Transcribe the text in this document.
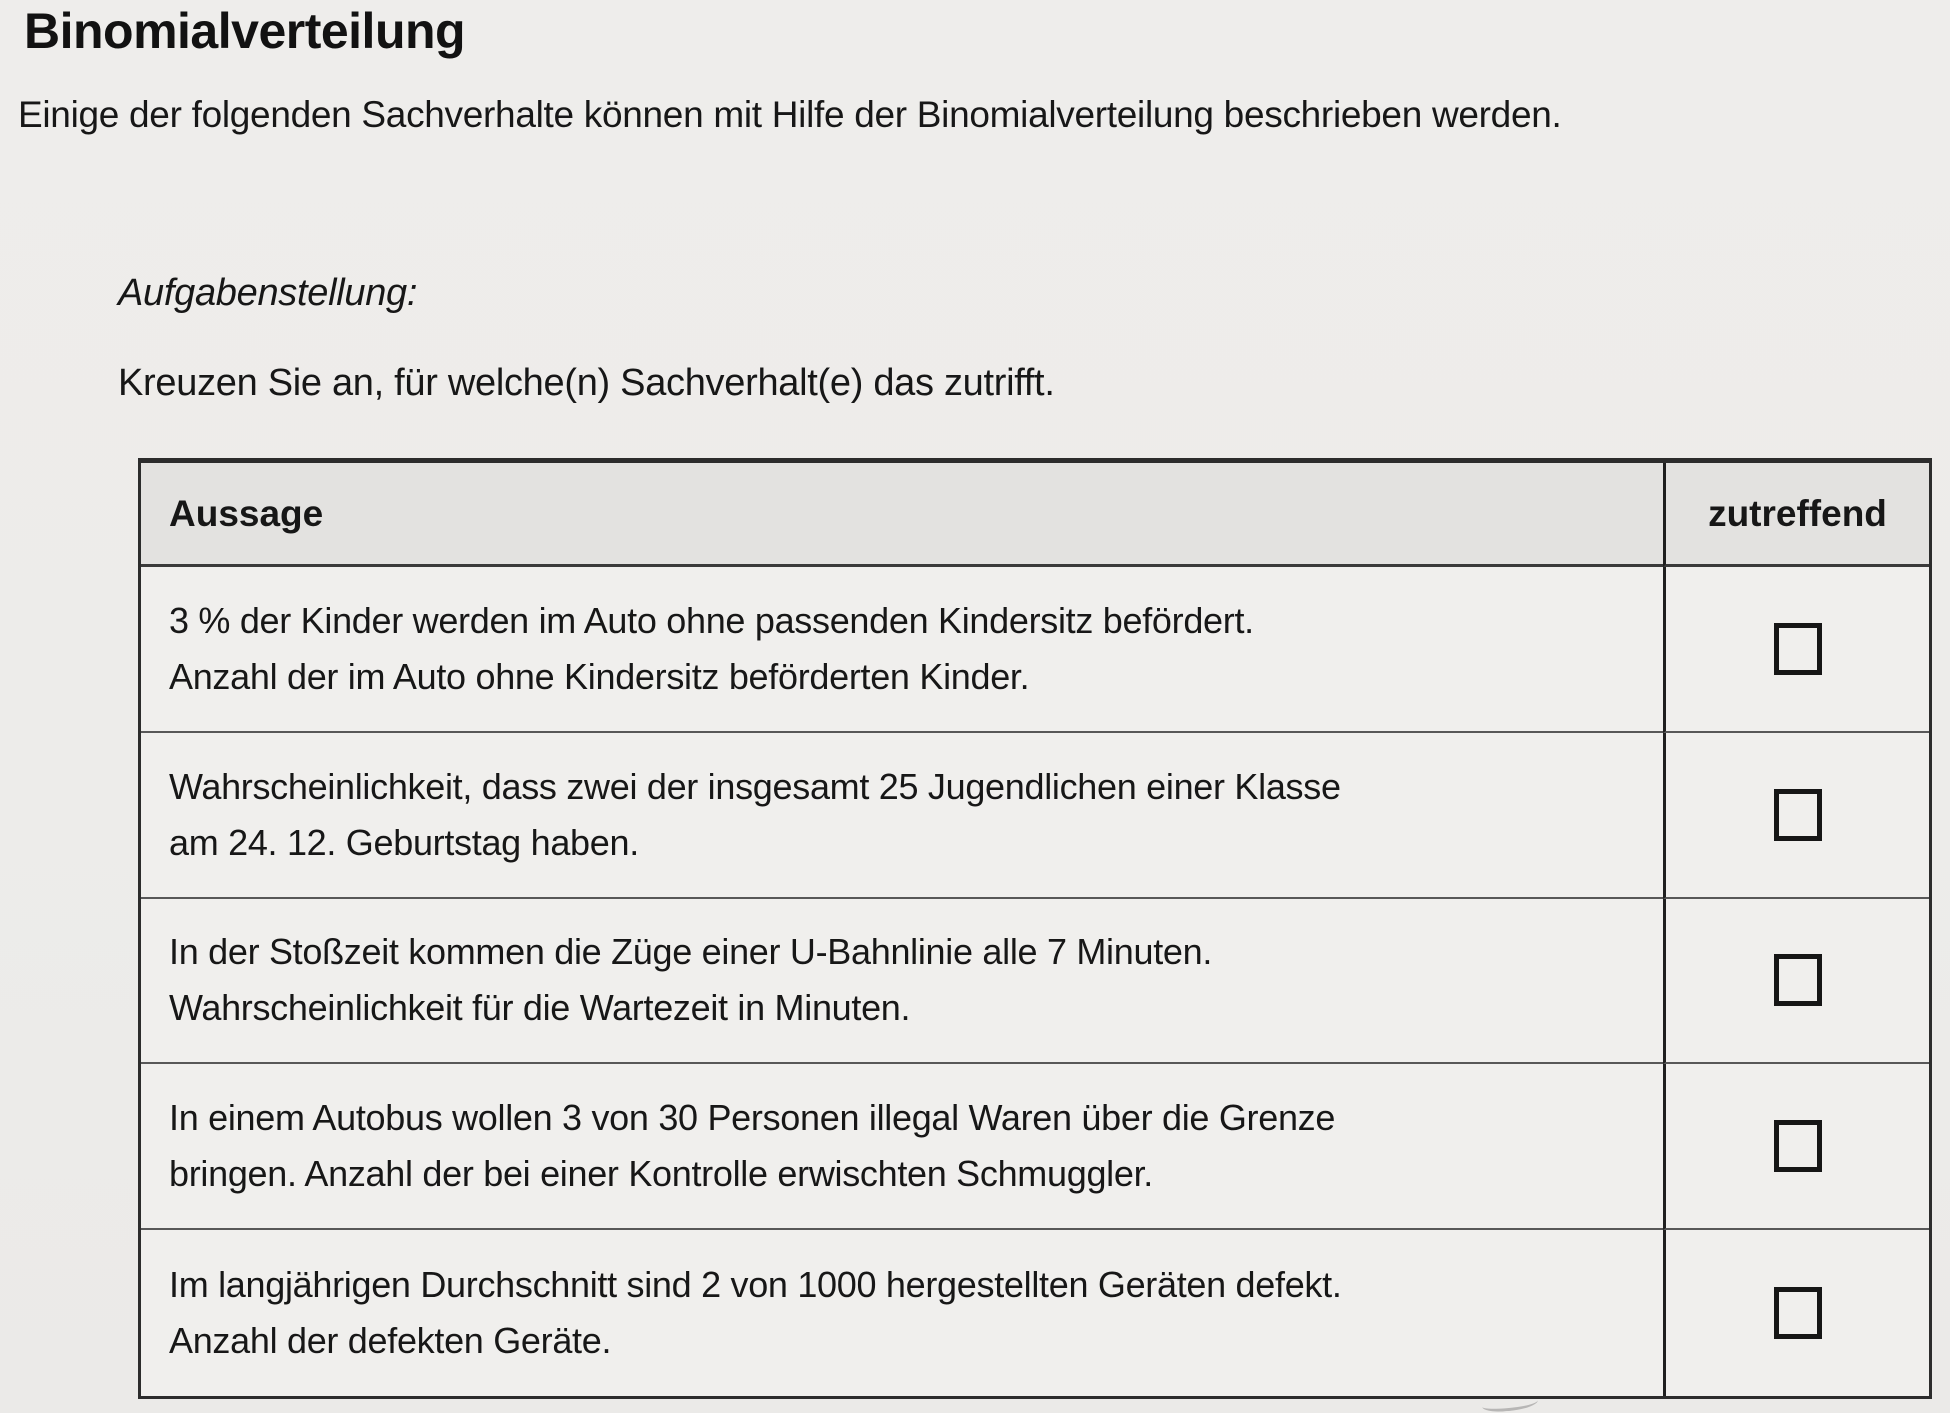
Binomialverteilung
Einige der folgenden Sachverhalte können mit Hilfe der Binomialverteilung beschrieben werden.
Aufgabenstellung:
Kreuzen Sie an, für welche(n) Sachverhalt(e) das zutrifft.
Aussage	zutreffend
3 % der Kinder werden im Auto ohne passenden Kindersitz befördert.
Anzahl der im Auto ohne Kindersitz beförderten Kinder.
Wahrscheinlichkeit, dass zwei der insgesamt 25 Jugendlichen einer Klasse
am 24. 12. Geburtstag haben.
In der Stoßzeit kommen die Züge einer U-Bahnlinie alle 7 Minuten.
Wahrscheinlichkeit für die Wartezeit in Minuten.
In einem Autobus wollen 3 von 30 Personen illegal Waren über die Grenze
bringen. Anzahl der bei einer Kontrolle erwischten Schmuggler.
Im langjährigen Durchschnitt sind 2 von 1000 hergestellten Geräten defekt.
Anzahl der defekten Geräte.
